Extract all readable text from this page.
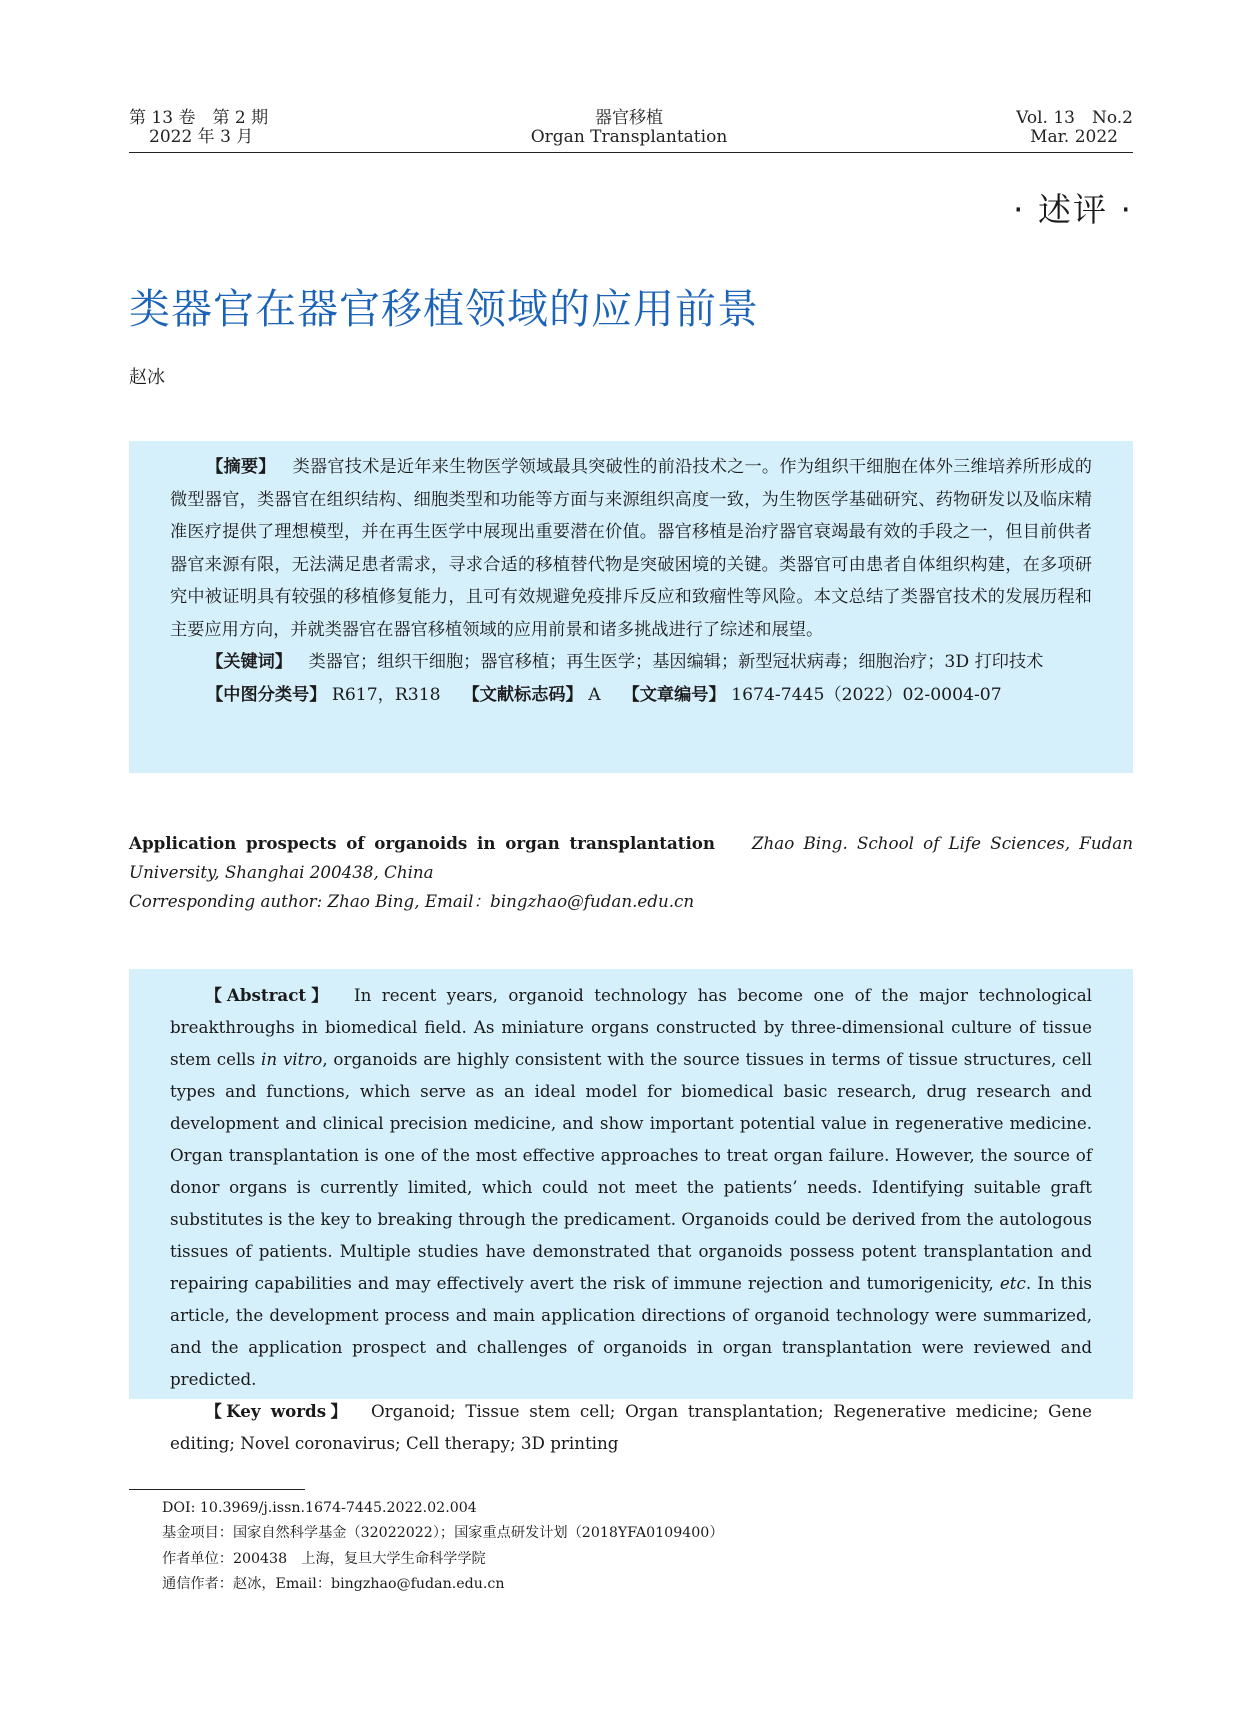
第 13 卷　第 2 期
2022 年 3 月
器官移植
Organ Transplantation
Vol. 13　No.2
Mar. 2022
· 述评 ·
类器官在器官移植领域的应用前景
赵冰

【摘要】 类器官技术是近年来生物医学领域最具突破性的前沿技术之一。作为组织干细胞在体外三维培养所形成的微型器官，类器官在组织结构、细胞类型和功能等方面与来源组织高度一致，为生物医学基础研究、药物研发以及临床精准医疗提供了理想模型，并在再生医学中展现出重要潜在价值。器官移植是治疗器官衰竭最有效的手段之一，但目前供者器官来源有限，无法满足患者需求，寻求合适的移植替代物是突破困境的关键。类器官可由患者自体组织构建，在多项研究中被证明具有较强的移植修复能力，且可有效规避免疫排斥反应和致瘤性等风险。本文总结了类器官技术的发展历程和主要应用方向，并就类器官在器官移植领域的应用前景和诸多挑战进行了综述和展望。

【关键词】 类器官；组织干细胞；器官移植；再生医学；基因编辑；新型冠状病毒；细胞治疗；3D 打印技术

【中图分类号】 R617，R318 【文献标志码】 A 【文章编号】 1674-7445（2022）02-0004-07

Application prospects of organoids in organ transplantation Zhao Bing. School of Life Sciences, Fudan University, Shanghai 200438, China
Corresponding author: Zhao Bing, Email：bingzhao@fudan.edu.cn

【Abstract】 In recent years, organoid technology has become one of the major technological breakthroughs in biomedical field. As miniature organs constructed by three-dimensional culture of tissue stem cells in vitro, organoids are highly consistent with the source tissues in terms of tissue structures, cell types and functions, which serve as an ideal model for biomedical basic research, drug research and development and clinical precision medicine, and show important potential value in regenerative medicine. Organ transplantation is one of the most effective approaches to treat organ failure. However, the source of donor organs is currently limited, which could not meet the patients’ needs. Identifying suitable graft substitutes is the key to breaking through the predicament. Organoids could be derived from the autologous tissues of patients. Multiple studies have demonstrated that organoids possess potent transplantation and repairing capabilities and may effectively avert the risk of immune rejection and tumorigenicity, etc. In this article, the development process and main application directions of organoid technology were summarized, and the application prospect and challenges of organoids in organ transplantation were reviewed and predicted.

【Key words】 Organoid; Tissue stem cell; Organ transplantation; Regenerative medicine; Gene editing; Novel coronavirus; Cell therapy; 3D printing

DOI: 10.3969/j.issn.1674-7445.2022.02.004
基金项目：国家自然科学基金（32022022）；国家重点研发计划（2018YFA0109400）
作者单位：200438　上海，复旦大学生命科学学院
通信作者：赵冰，Email：bingzhao@fudan.edu.cn
